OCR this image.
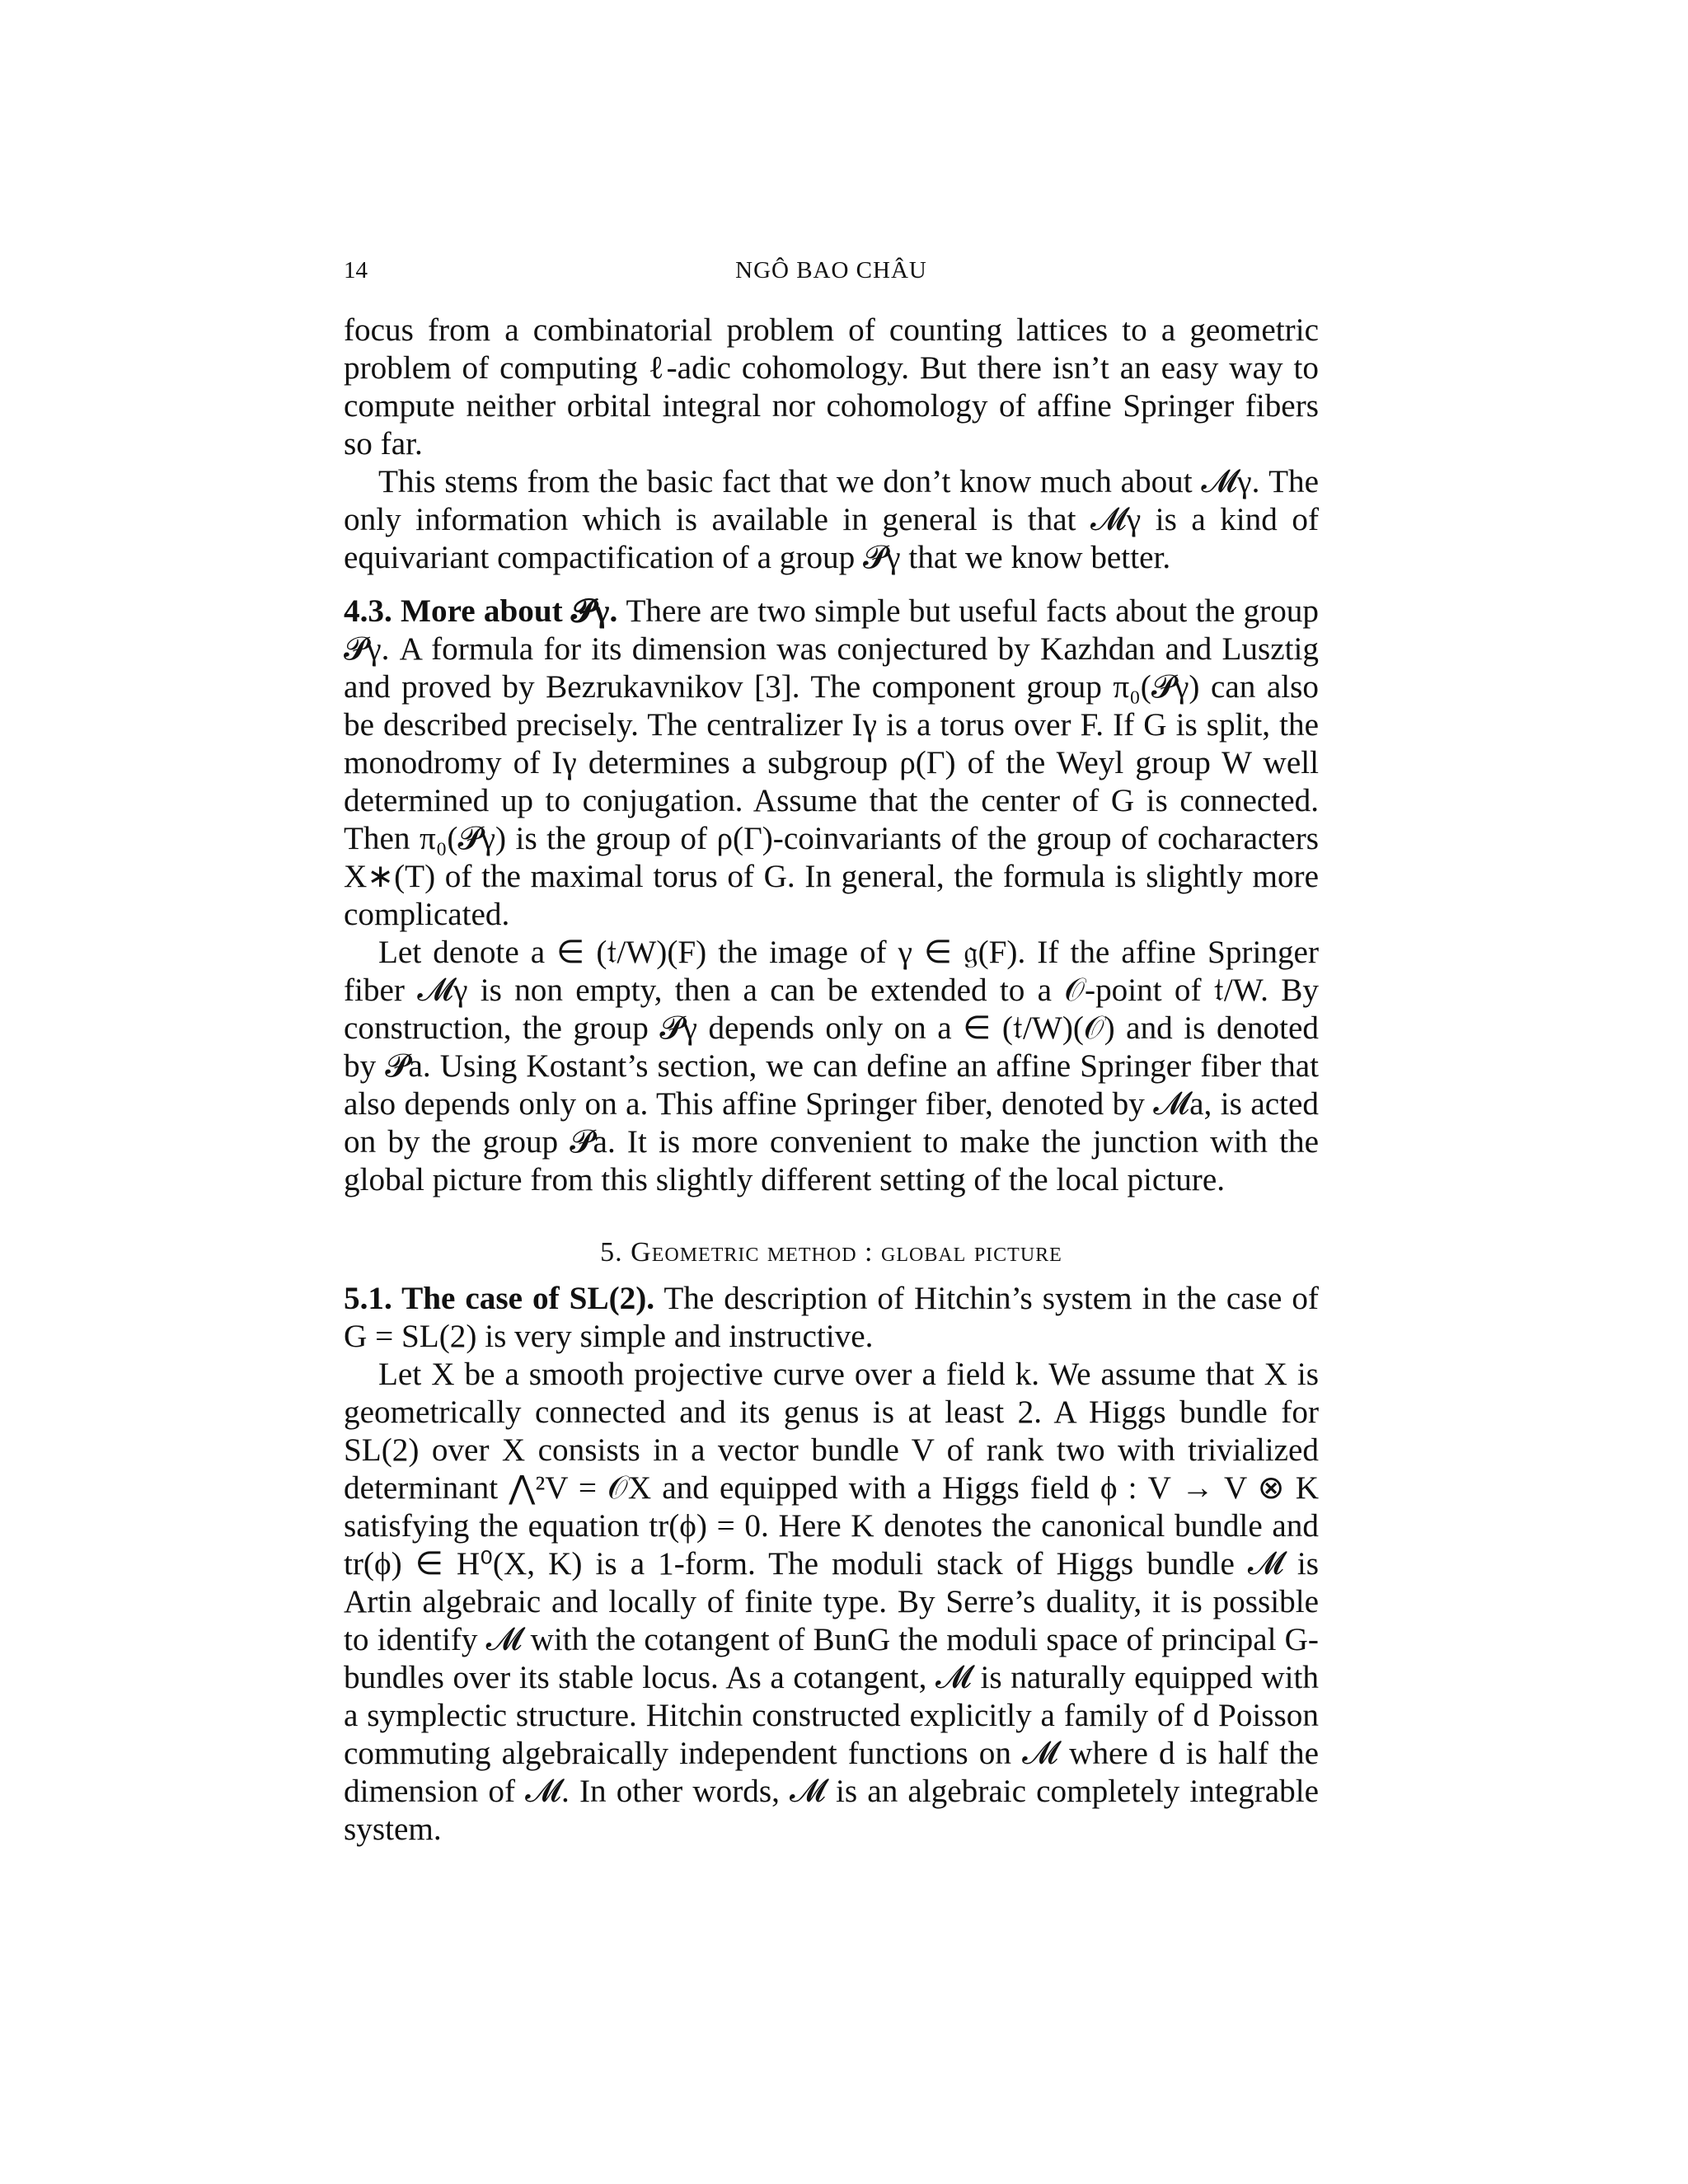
14	NGÔ BAO CHÂU

focus from a combinatorial problem of counting lattices to a geometric problem of computing ℓ-adic cohomology. But there isn’t an easy way to compute neither orbital integral nor cohomology of affine Springer fibers so far.

This stems from the basic fact that we don’t know much about 𝓜γ. The only information which is available in general is that 𝓜γ is a kind of equivariant compactification of a group 𝓟γ that we know better.

4.3. More about 𝓟γ. There are two simple but useful facts about the group 𝓟γ. A formula for its dimension was conjectured by Kazhdan and Lusztig and proved by Bezrukavnikov [3]. The component group π₀(𝓟γ) can also be described precisely. The centralizer Iγ is a torus over F. If G is split, the monodromy of Iγ determines a subgroup ρ(Γ) of the Weyl group W well determined up to conjugation. Assume that the center of G is connected. Then π₀(𝓟γ) is the group of ρ(Γ)-coinvariants of the group of cocharacters X∗(T) of the maximal torus of G. In general, the formula is slightly more complicated.

Let denote a ∈ (𝔱/W)(F) the image of γ ∈ 𝔤(F). If the affine Springer fiber 𝓜γ is non empty, then a can be extended to a 𝒪-point of 𝔱/W. By construction, the group 𝓟γ depends only on a ∈ (𝔱/W)(𝒪) and is denoted by 𝓟a. Using Kostant’s section, we can define an affine Springer fiber that also depends only on a. This affine Springer fiber, denoted by 𝓜a, is acted on by the group 𝓟a. It is more convenient to make the junction with the global picture from this slightly different setting of the local picture.

5. Geometric method : global picture

5.1. The case of SL(2). The description of Hitchin’s system in the case of G = SL(2) is very simple and instructive.

Let X be a smooth projective curve over a field k. We assume that X is geometrically connected and its genus is at least 2. A Higgs bundle for SL(2) over X consists in a vector bundle V of rank two with trivialized determinant ⋀²V = 𝒪X and equipped with a Higgs field ϕ : V → V ⊗ K satisfying the equation tr(ϕ) = 0. Here K denotes the canonical bundle and tr(ϕ) ∈ H⁰(X, K) is a 1-form. The moduli stack of Higgs bundle 𝓜 is Artin algebraic and locally of finite type. By Serre’s duality, it is possible to identify 𝓜 with the cotangent of BunG the moduli space of principal G-bundles over its stable locus. As a cotangent, 𝓜 is naturally equipped with a symplectic structure. Hitchin constructed explicitly a family of d Poisson commuting algebraically independent functions on 𝓜 where d is half the dimension of 𝓜. In other words, 𝓜 is an algebraic completely integrable system.
